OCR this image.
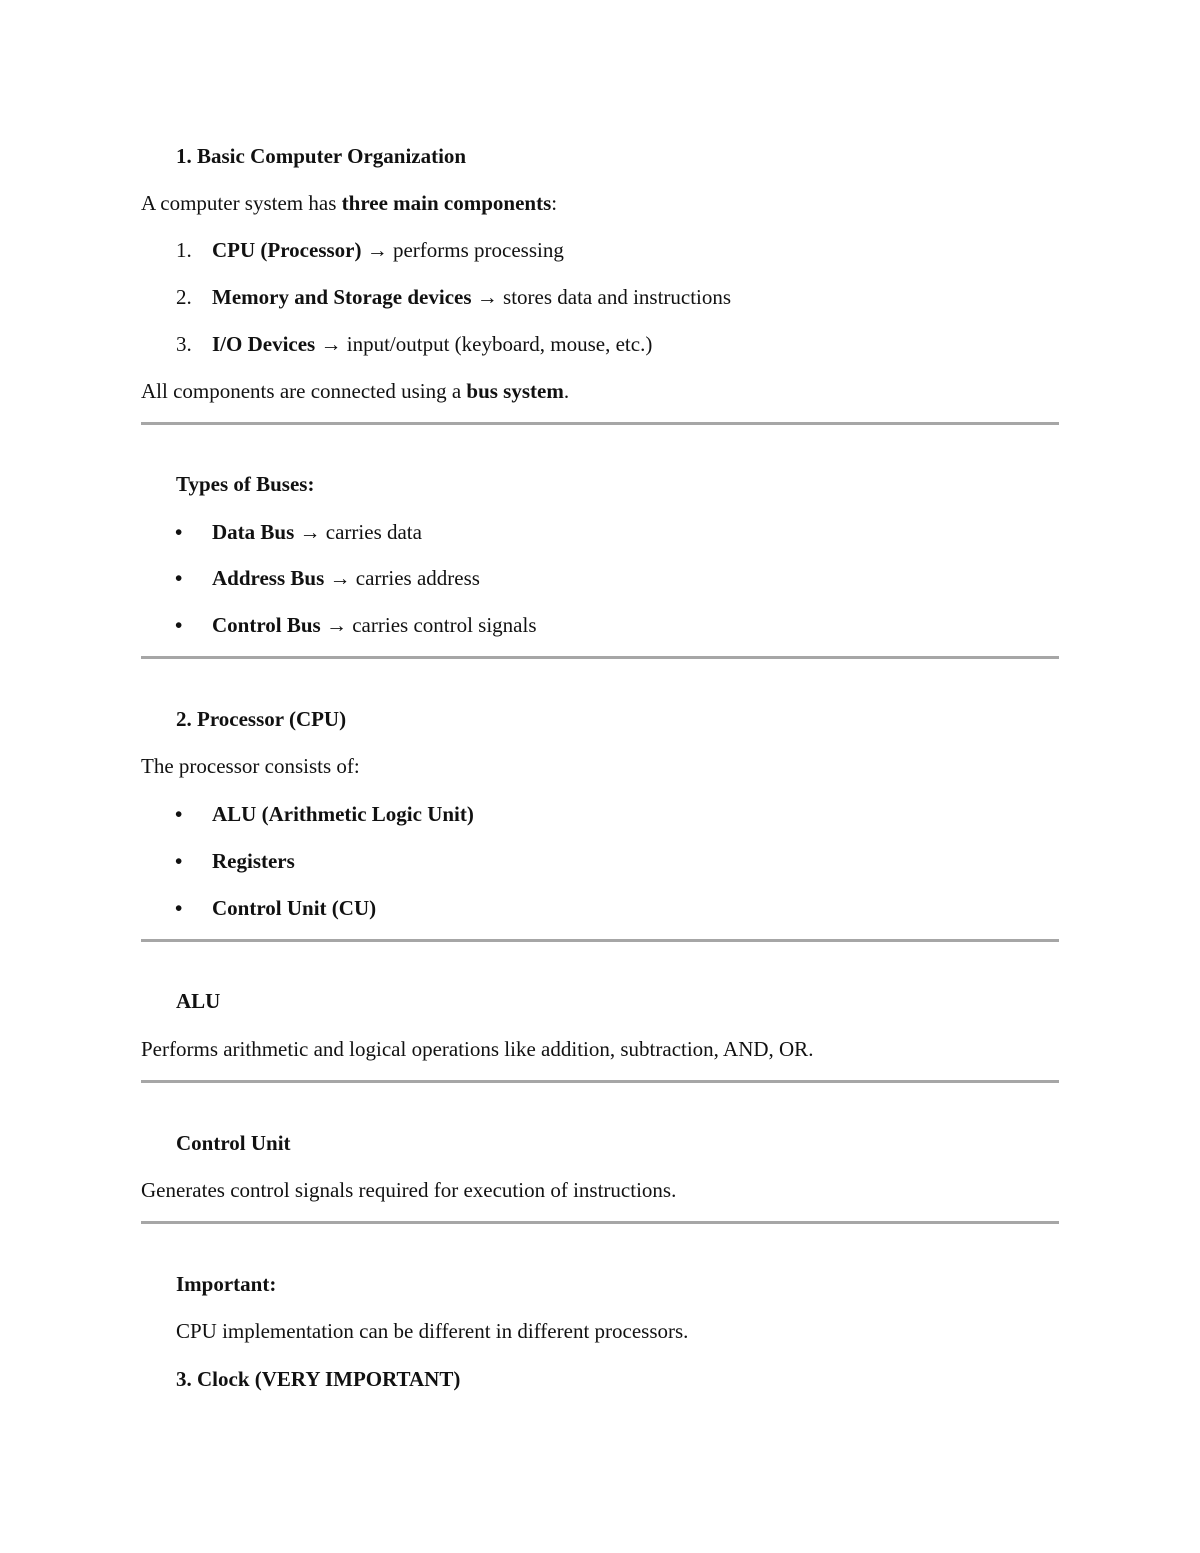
1. Basic Computer Organization
A computer system has three main components:
1. CPU (Processor) → performs processing
2. Memory and Storage devices → stores data and instructions
3. I/O Devices → input/output (keyboard, mouse, etc.)
All components are connected using a bus system.
Types of Buses:
• Data Bus → carries data
• Address Bus → carries address
• Control Bus → carries control signals
2. Processor (CPU)
The processor consists of:
• ALU (Arithmetic Logic Unit)
• Registers
• Control Unit (CU)
ALU
Performs arithmetic and logical operations like addition, subtraction, AND, OR.
Control Unit
Generates control signals required for execution of instructions.
Important:
CPU implementation can be different in different processors.
3. Clock (VERY IMPORTANT)
